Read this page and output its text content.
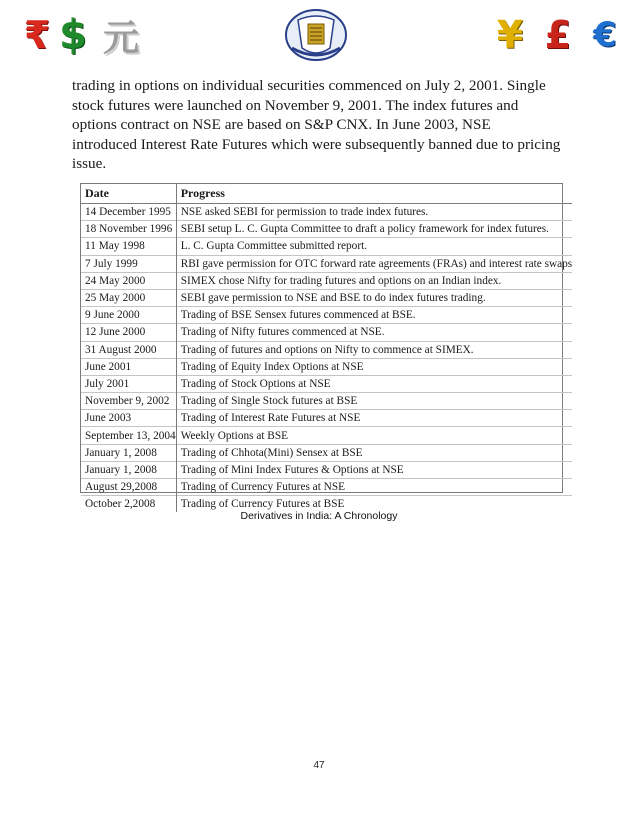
₹ $ 元	¥ £ €
trading in options on individual securities commenced on July 2, 2001. Single
stock futures were launched on November 9, 2001. The index futures and
options contract on NSE are based on S&P CNX. In June 2003, NSE
introduced Interest Rate Futures which were subsequently banned due to pricing
issue.
Date	Progress
14 December 1995	NSE asked SEBI for permission to trade index futures.
18 November 1996	SEBI setup L. C. Gupta Committee to draft a policy framework for index futures.
11 May 1998	L. C. Gupta Committee submitted report.
7 July 1999	RBI gave permission for OTC forward rate agreements (FRAs) and interest rate swaps
24 May 2000	SIMEX chose Nifty for trading futures and options on an Indian index.
25 May 2000	SEBI gave permission to NSE and BSE to do index futures trading.
9 June 2000	Trading of BSE Sensex futures commenced at BSE.
12 June 2000	Trading of Nifty futures commenced at NSE.
31 August 2000	Trading of futures and options on Nifty to commence at SIMEX.
June 2001	Trading of Equity Index Options at NSE
July 2001	Trading of Stock Options at NSE
November 9, 2002	Trading of Single Stock futures at BSE
June 2003	Trading of Interest Rate Futures at NSE
September 13, 2004	Weekly Options at BSE
January 1, 2008	Trading of Chhota(Mini) Sensex at BSE
January 1, 2008	Trading of Mini Index Futures & Options at NSE
August 29,2008	Trading of Currency Futures at NSE
October 2,2008	Trading of Currency Futures at BSE
Derivatives in India: A Chronology
47
